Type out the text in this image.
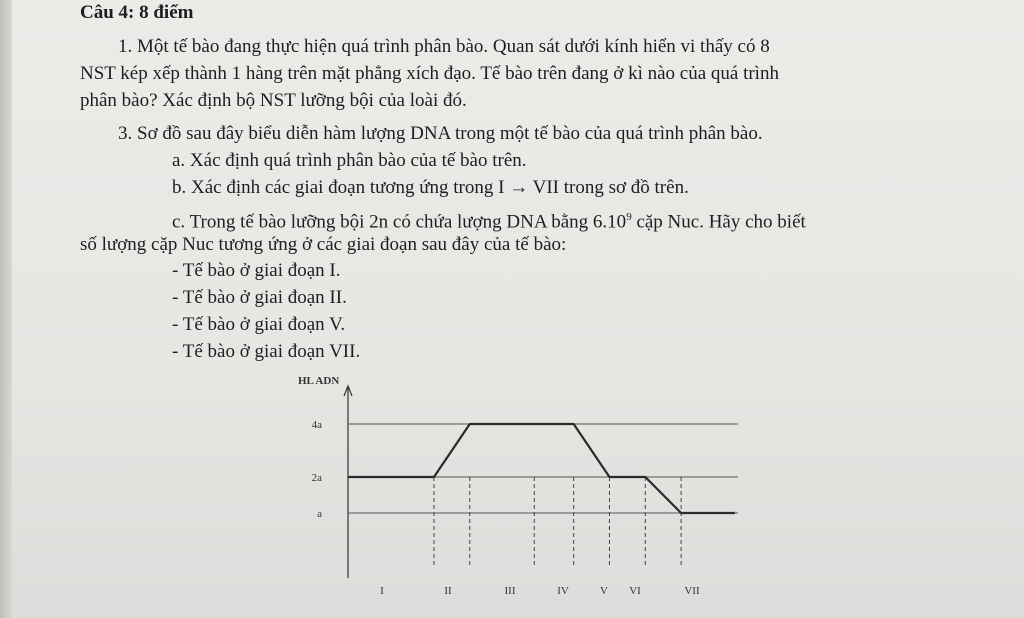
Câu 4: 8 điểm
1. Một tế bào đang thực hiện quá trình phân bào. Quan sát dưới kính hiển vi thấy có 8
NST kép xếp thành 1 hàng trên mặt phẳng xích đạo. Tế bào trên đang ở kì nào của quá trình
phân bào? Xác định bộ NST lưỡng bội của loài đó.
3. Sơ đồ sau đây biểu diễn hàm lượng DNA trong một tế bào của quá trình phân bào.
a. Xác định quá trình phân bào của tế bào trên.
b. Xác định các giai đoạn tương ứng trong I → VII trong sơ đồ trên.
c. Trong tế bào lưỡng bội 2n có chứa lượng DNA bằng 6.10$^9$ cặp Nuc. Hãy cho biết
số lượng cặp Nuc tương ứng ở các giai đoạn sau đây của tế bào:
- Tế bào ở giai đoạn I.
- Tế bào ở giai đoạn II.
- Tế bào ở giai đoạn V.
- Tế bào ở giai đoạn VII.
HL ADN
4a
2a
a
I	II	III	IV	V VI	VII
